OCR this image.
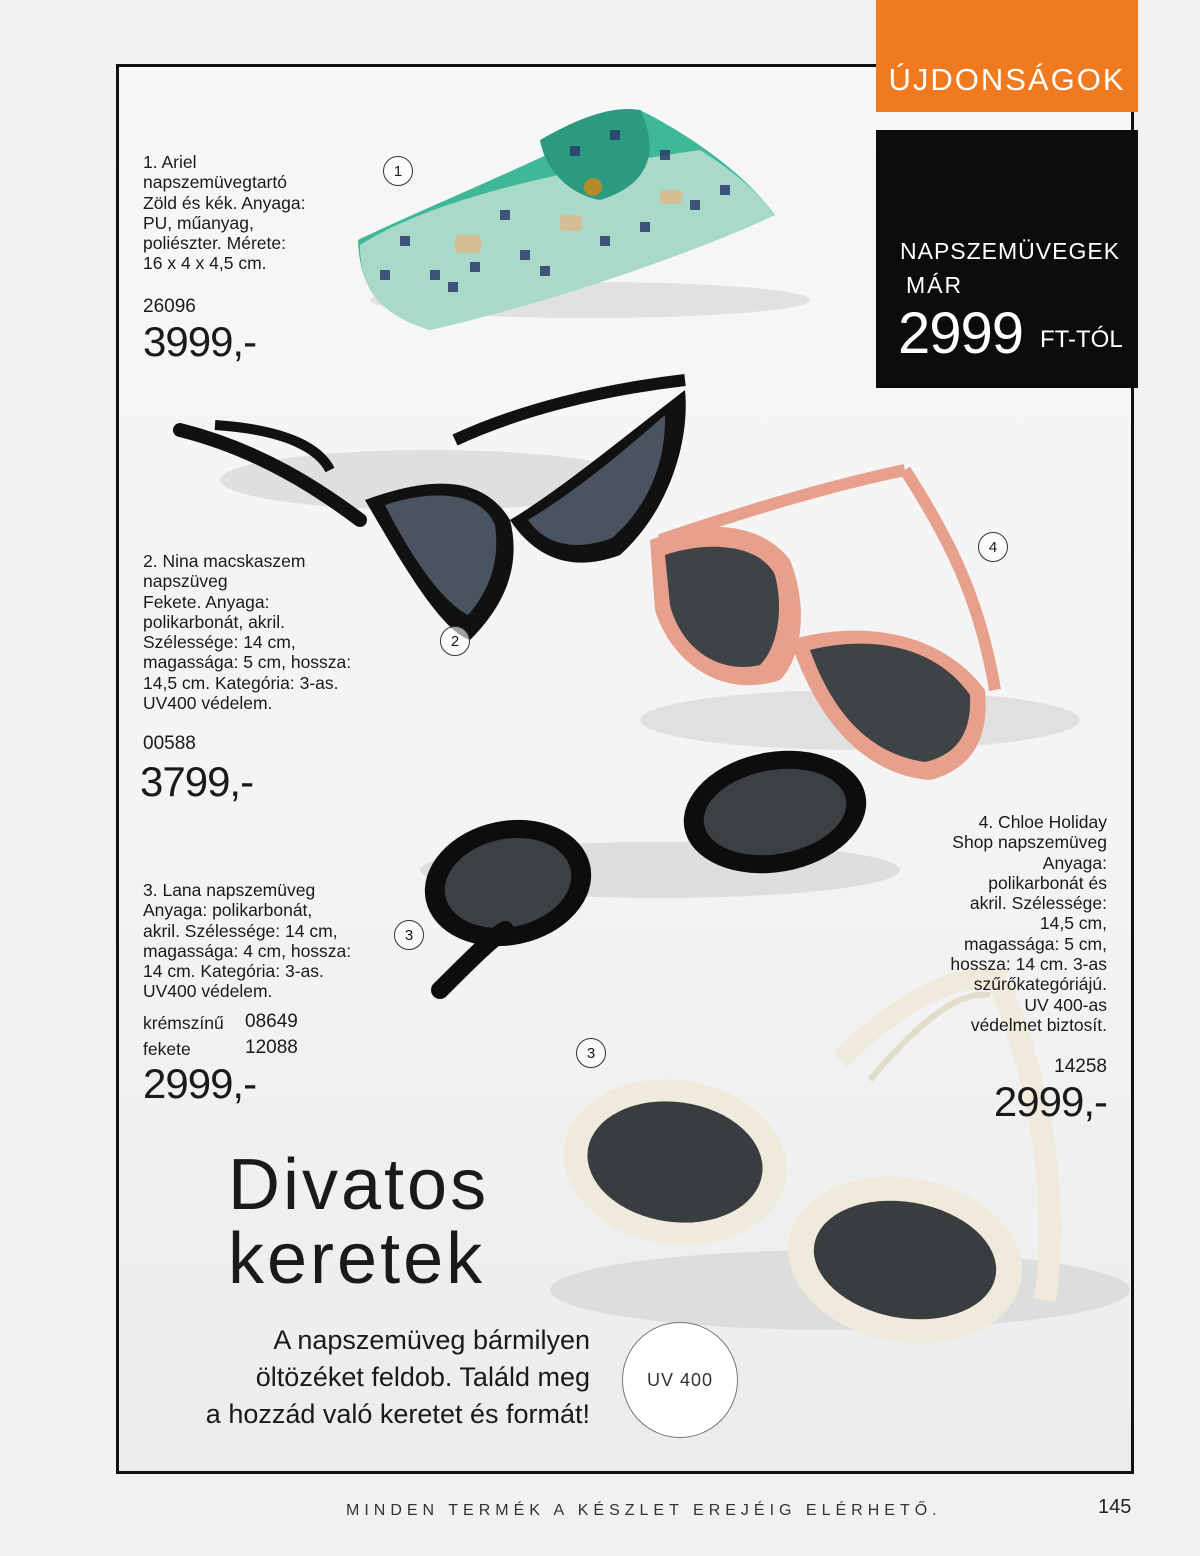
ÚJDONSÁGOK
NAPSZEMÜVEGEK
MÁR
2999 FT-TÓL
1. Ariel
napszemüvegtartó
Zöld és kék. Anyaga:
PU, műanyag,
poliészter. Mérete:
16 x 4 x 4,5 cm.
26096
3999,-
1
2. Nina macskaszem
napszüveg
Fekete. Anyaga:
polikarbonát, akril.
Szélessége: 14 cm,
magassága: 5 cm, hossza:
14,5 cm. Kategória: 3-as.
UV400 védelem.
00588
3799,-
2
3. Lana napszemüveg
Anyaga: polikarbonát,
akril. Szélessége: 14 cm,
magassága: 4 cm, hossza:
14 cm. Kategória: 3-as.
UV400 védelem.
krémszínű 08649
fekete	12088
2999,-
3
3
4. Chloe Holiday
Shop napszemüveg
Anyaga:
polikarbonát és
akril. Szélessége:
14,5 cm,
magassága: 5 cm,
hossza: 14 cm. 3-as
szűrőkategóriájú.
UV 400-as
védelmet biztosít.
14258
2999,-
4
Divatos
keretek
A napszemüveg bármilyen
öltözéket feldob. Találd meg
a hozzád való keretet és formát!
UV 400
MINDEN TERMÉK A KÉSZLET EREJÉIG ELÉRHETŐ.	145
